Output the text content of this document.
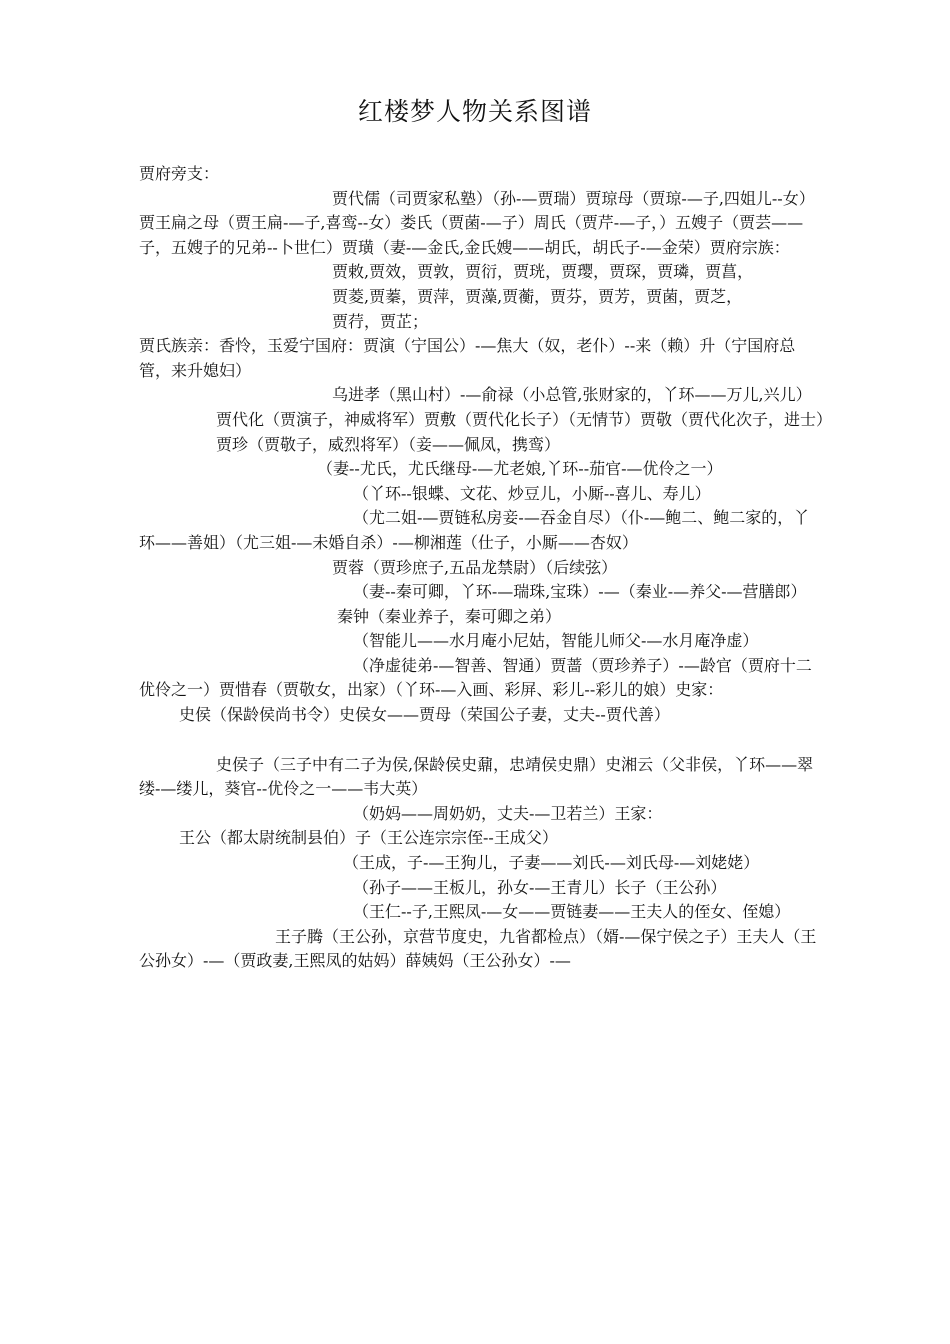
红楼梦人物关系图谱

贾府旁支：

贾代儒（司贾家私塾）（孙-—贾瑞）贾琼母（贾琼-—子,四姐儿--女）贾王扁之母（贾王扁-—子,喜鸾--女）娄氏（贾菌-—子）周氏（贾芹-—子，）五嫂子（贾芸——子，五嫂子的兄弟--卜世仁）贾璜（妻-—金氏,金氏嫂——胡氏，胡氏子-—金荣）贾府宗族：

贾敕,贾效，贾敦，贾衍，贾珖，贾璎，贾琛，贾璘，贾菖，

贾菱,贾蓁，贾萍，贾藻,贾蘅，贾芬，贾芳，贾菌，贾芝，

贾荇，贾芷；

贾氏族亲：香怜，玉爱宁国府：贾演（宁国公）-—焦大（奴，老仆）--来（赖）升（宁国府总管，来升媳妇）

乌进孝（黑山村）-—俞禄（小总管,张财家的，丫环——万儿,兴儿）

贾代化（贾演子，神威将军）贾敷（贾代化长子）（无情节）贾敬（贾代化次子，进士）贾珍（贾敬子，威烈将军）（妾——佩凤，携鸾）

（妻--尤氏，尤氏继母-—尤老娘,丫环--茄官-—优伶之一）

（丫环--银蝶、文花、炒豆儿，小厮--喜儿、寿儿）

（尤二姐-—贾链私房妾-—吞金自尽）（仆-—鲍二、鲍二家的，丫环——善姐）（尤三姐-—未婚自杀）-—柳湘莲（仕子，小厮——杏奴）

贾蓉（贾珍庶子,五品龙禁尉）（后续弦）

（妻--秦可卿，丫环-—瑞珠,宝珠）-—（秦业-—养父-—营膳郎）

秦钟（秦业养子，秦可卿之弟）

（智能儿——水月庵小尼姑，智能儿师父-—水月庵净虚）

（净虚徒弟-—智善、智通）贾蔷（贾珍养子）-—龄官（贾府十二优伶之一）贾惜春（贾敬女，出家）（丫环-—入画、彩屏、彩儿--彩儿的娘）史家：

史侯（保龄侯尚书令）史侯女——贾母（荣国公子妻，丈夫--贾代善）

史侯子（三子中有二子为侯,保龄侯史鼐，忠靖侯史鼎）史湘云（父非侯，丫环——翠缕-—缕儿，葵官--优伶之一——韦大英）

（奶妈——周奶奶，丈夫-—卫若兰）王家：

王公（都太尉统制县伯）子（王公连宗宗侄--王成父）

（王成，子-—王狗儿，子妻——刘氏-—刘氏母-—刘姥姥）

（孙子——王板儿，孙女-—王青儿）长子（王公孙）

（王仁--子,王熙凤-—女——贾链妻——王夫人的侄女、侄媳）

王子腾（王公孙，京营节度史，九省都检点）（婿-—保宁侯之子）王夫人（王公孙女）-—（贾政妻,王熙凤的姑妈）薛姨妈（王公孙女）-—
